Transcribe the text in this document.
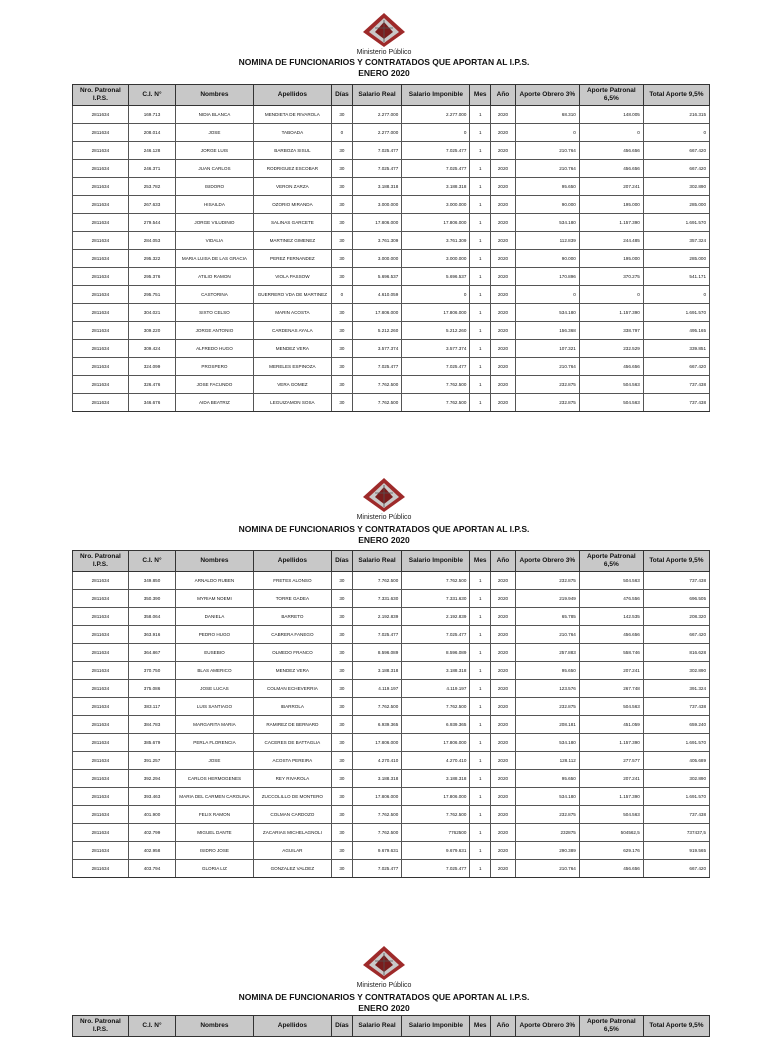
Ministerio Público
NOMINA DE FUNCIONARIOS Y CONTRATADOS QUE APORTAN AL I.P.S.
ENERO 2020
Nro. Patronal I.P.S.	C.I. N°	Nombres	Apellidos	Días	Salario Real	Salario Imponible	Mes	Año	Aporte Obrero 3%	Aporte Patronal 6,5%	Total Aporte 9,5%
2811634	169.713	NIDIA BLANCA	MENDIETA DE RIVAROLA	30	2.277.000	2.277.000	1	2020	68.310	148.005	216.315
2811634	208.014	JOSE	TABOADA	0	2.277.000	0	1	2020	0	0	0
2811634	246.128	JORGE LUIS	BARBOZA SISUL	30	7.025.477	7.025.477	1	2020	210.764	456.656	667.420
2811634	246.371	JUAN CARLOS	RODRIGUEZ ESCOBAR	30	7.025.477	7.025.477	1	2020	210.764	456.656	667.420
2811634	253.782	ISIDORO	VERON ZARZA	30	3.188.318	3.188.318	1	2020	95.650	207.241	302.890
2811634	267.633	HISAILDA	OZORIO MIRANDA	30	3.000.000	3.000.000	1	2020	90.000	195.000	285.000
2811634	279.544	JORGE VILUDINIO	SALINAS GARCETE	30	17.806.000	17.806.000	1	2020	534.180	1.157.390	1.691.570
2811634	284.053	VIDALIA	MARTINEZ GIMENEZ	30	3.761.309	3.761.309	1	2020	112.839	244.485	357.324
2811634	295.322	MARIA LUISA DE LAS GRACIA	PEREZ FERNANDEZ	30	3.000.000	3.000.000	1	2020	90.000	195.000	285.000
2811634	295.376	ATILIO RAMON	VIOLA PASSOW	30	5.696.537	5.696.537	1	2020	170.896	370.275	541.171
2811634	295.751	CASTORINA	GUERRERO VDA DE MARTINEZ	0	4.610.059	0	1	2020	0	0	0
2811634	304.021	SIXTO CELSO	MARIN ACOSTA	30	17.806.000	17.806.000	1	2020	534.180	1.157.390	1.691.570
2811634	309.220	JORGE ANTONIO	CARDENAS AYALA	30	5.212.260	5.212.260	1	2020	156.368	338.797	495.165
2811634	309.424	ALFREDO HUGO	MENDEZ VERA	30	3.577.374	3.577.374	1	2020	107.321	232.529	339.851
2811634	324.099	PROSPERO	MERELES ESPINOZA	30	7.025.477	7.025.477	1	2020	210.764	456.656	667.420
2811634	326.476	JOSE FACUNDO	VERA GOMEZ	30	7.762.500	7.762.500	1	2020	232.875	504.563	737.438
2811634	346.676	AIDA BEATRIZ	LEGUIZAMON SOSA	30	7.762.500	7.762.500	1	2020	232.875	504.563	737.438
Ministerio Público
NOMINA DE FUNCIONARIOS Y CONTRATADOS QUE APORTAN AL I.P.S.
ENERO 2020
Nro. Patronal I.P.S.	C.I. N°	Nombres	Apellidos	Días	Salario Real	Salario Imponible	Mes	Año	Aporte Obrero 3%	Aporte Patronal 6,5%	Total Aporte 9,5%
2811634	349.850	ARNALDO RUBEN	FRETES ALONSO	30	7.762.500	7.762.500	1	2020	232.875	504.563	737.438
2811634	350.390	MYRIAM NOEMI	TORRE GADEA	30	7.331.630	7.331.630	1	2020	219.949	476.556	696.505
2811634	358.064	DANIELA	BARRETO	30	2.192.839	2.192.839	1	2020	65.785	142.535	208.320
2811634	363.916	PEDRO HUGO	CABRERA FANEGO	30	7.025.477	7.025.477	1	2020	210.764	456.656	667.420
2811634	364.867	EUSEBIO	OLMEDO FRANCO	30	8.596.089	8.596.089	1	2020	257.883	558.746	816.628
2811634	370.750	BLAS AMERICO	MENDEZ VERA	30	3.188.318	3.188.318	1	2020	95.650	207.241	302.890
2811634	375.086	JOSE LUCAS	COLMAN ECHEVERRIA	30	4.119.197	4.119.197	1	2020	123.576	267.748	391.324
2811634	383.117	LUIS SANTIAGO	IBARROLA	30	7.762.500	7.762.500	1	2020	232.875	504.563	737.438
2811634	384.783	MARGARITA MARIA	RAMIREZ DE BERNARD	30	6.939.365	6.939.365	1	2020	208.181	451.059	659.240
2811634	385.679	PERLA FLORENCIA	CACERES DE BATTAGLIA	30	17.806.000	17.806.000	1	2020	534.180	1.157.390	1.691.570
2811634	391.257	JOSE	ACOSTA PEREIRA	30	4.270.410	4.270.410	1	2020	128.112	277.577	405.689
2811634	392.294	CARLOS HERMOGENES	REY RIVAROLA	30	3.188.318	3.188.318	1	2020	95.650	207.241	302.890
2811634	393.463	MARIA DEL CARMEN CAROLINA	ZUCCOLILLO DE MONTERO	30	17.806.000	17.806.000	1	2020	534.180	1.157.390	1.691.570
2811634	401.900	FELIX RAMON	COLMAN CARDOZO	30	7.762.500	7.762.500	1	2020	232.875	504.563	737.438
2811634	402.799	MIGUEL DANTE	ZACARIAS MICHELAGNOLI	30	7.762.500	7762500	1	2020	232875	504562,5	737437,5
2811634	402.958	ISIDRO JOSE	AGUILAR	30	9.679.631	9.679.631	1	2020	290.389	629.176	919.565
2811634	403.794	GLORIA LIZ	GONZALEZ VALDEZ	30	7.025.477	7.025.477	1	2020	210.764	456.656	667.420
Ministerio Público
NOMINA DE FUNCIONARIOS Y CONTRATADOS QUE APORTAN AL I.P.S.
ENERO 2020
Nro. Patronal I.P.S.	C.I. N°	Nombres	Apellidos	Días	Salario Real	Salario Imponible	Mes	Año	Aporte Obrero 3%	Aporte Patronal 6,5%	Total Aporte 9,5%
